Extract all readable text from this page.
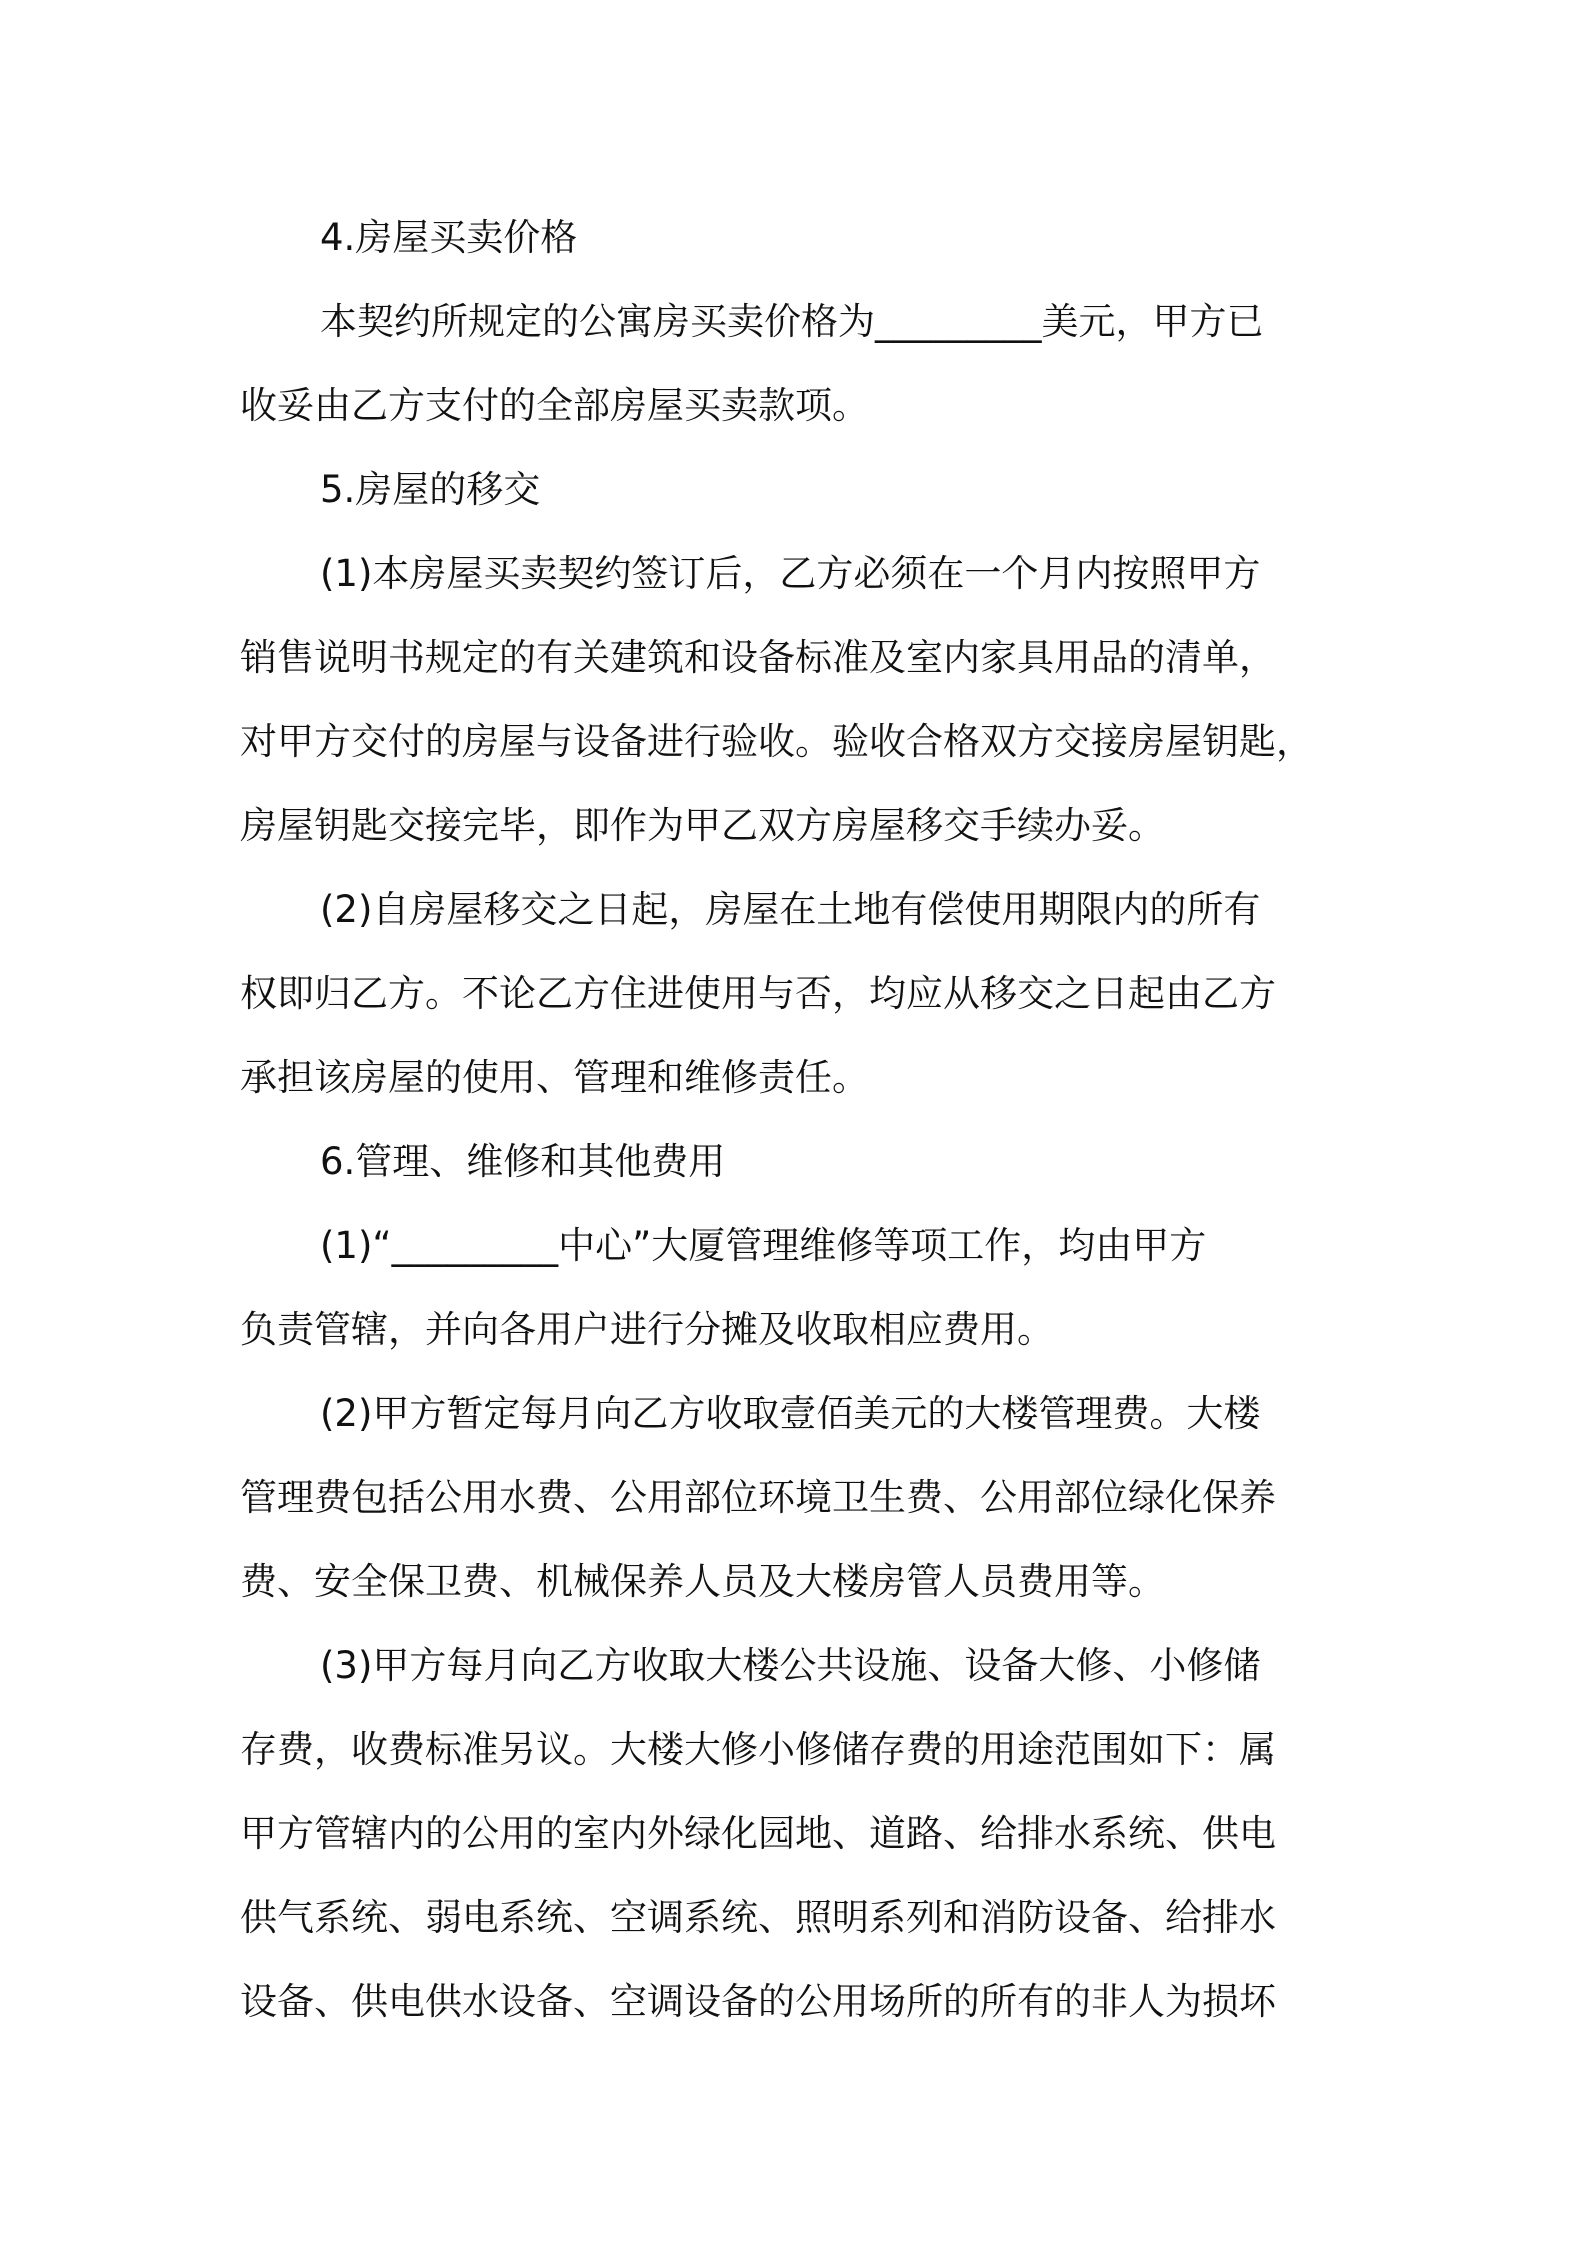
4.房屋买卖价格
本契约所规定的公寓房买卖价格为_________美元，甲方已
收妥由乙方支付的全部房屋买卖款项。
5.房屋的移交
(1)本房屋买卖契约签订后，乙方必须在一个月内按照甲方
销售说明书规定的有关建筑和设备标准及室内家具用品的清单，
对甲方交付的房屋与设备进行验收。验收合格双方交接房屋钥匙，
房屋钥匙交接完毕，即作为甲乙双方房屋移交手续办妥。
(2)自房屋移交之日起，房屋在土地有偿使用期限内的所有
权即归乙方。不论乙方住进使用与否，均应从移交之日起由乙方
承担该房屋的使用、管理和维修责任。
6.管理、维修和其他费用
(1)“_________中心”大厦管理维修等项工作，均由甲方
负责管辖，并向各用户进行分摊及收取相应费用。
(2)甲方暂定每月向乙方收取壹佰美元的大楼管理费。大楼
管理费包括公用水费、公用部位环境卫生费、公用部位绿化保养
费、安全保卫费、机械保养人员及大楼房管人员费用等。
(3)甲方每月向乙方收取大楼公共设施、设备大修、小修储
存费，收费标准另议。大楼大修小修储存费的用途范围如下：属
甲方管辖内的公用的室内外绿化园地、道路、给排水系统、供电
供气系统、弱电系统、空调系统、照明系列和消防设备、给排水
设备、供电供水设备、空调设备的公用场所的所有的非人为损坏
